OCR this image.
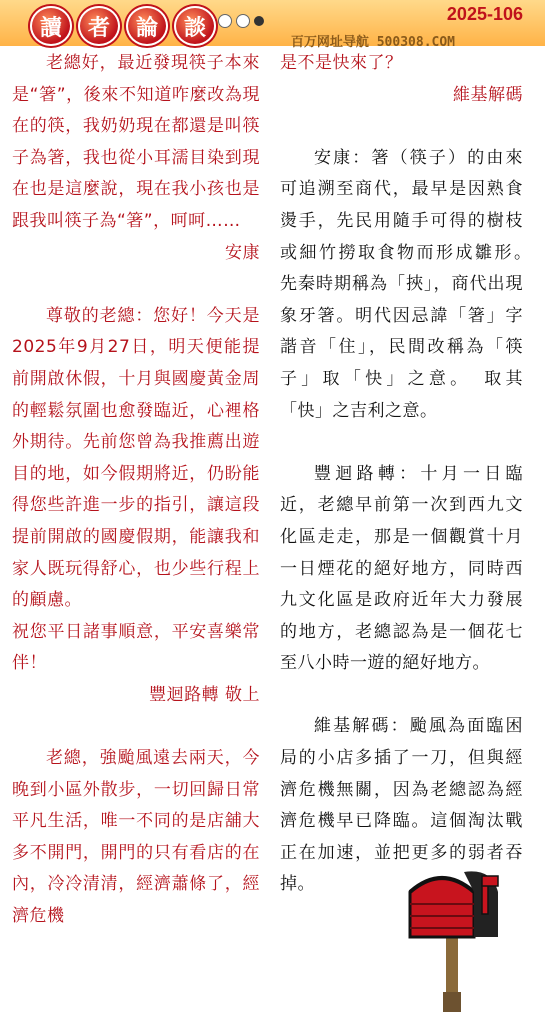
讀	者	論	談
2025-106
百万网址导航 500308.COM

老總好，最近發現筷子本來是“箸”，後來不知道咋麼改為現在的筷，我奶奶現在都還是叫筷子為箸，我也從小耳濡目染到現在也是這麼說，現在我小孩也是跟我叫筷子為“箸”，呵呵……

安康

尊敬的老總：您好！今天是2025年9月27日，明天便能提前開啟休假，十月與國慶黃金周的輕鬆氛圍也愈發臨近，心裡格外期待。先前您曾為我推薦出遊目的地，如今假期將近，仍盼能得您些許進一步的指引，讓這段提前開啟的國慶假期，能讓我和家人既玩得舒心，也少些行程上的顧慮。

祝您平日諸事順意，平安喜樂常伴！

豐迴路轉 敬上

老總，強颱風遠去兩天，今晚到小區外散步，一切回歸日常平凡生活，唯一不同的是店舖大多不開門，開門的只有看店的在內，冷冷清清，經濟蕭條了，經濟危機

是不是快來了？

維基解碼

安康：箸（筷子）的由來可追溯至商代，最早是因熟食燙手，先民用隨手可得的樹枝或細竹撈取食物而形成雛形。　先秦時期稱為「挾」，商代出現象牙箸。明代因忌諱「箸」字諧音「住」，民間改稱為「筷子」取「快」之意。　取其「快」之吉利之意。

豐迴路轉：十月一日臨近，老總早前第一次到西九文化區走走，那是一個觀賞十月一日煙花的絕好地方，同時西九文化區是政府近年大力發展的地方，老總認為是一個花七至八小時一遊的絕好地方。

維基解碼：颱風為面臨困局的小店多插了一刀，但與經濟危機無關，因為老總認為經濟危機早已降臨。這個淘汰戰正在加速，並把更多的弱者吞掉。
